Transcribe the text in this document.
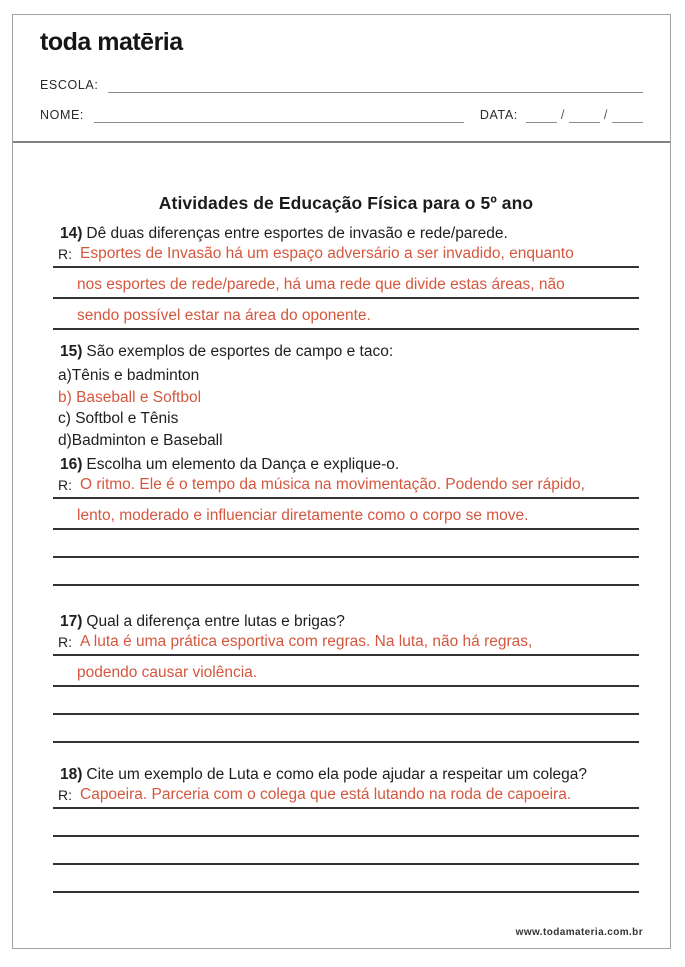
toda matēria
ESCOLA:
NOME:	DATA:	/	/
Atividades de Educação Física para o 5º ano
14) Dê duas diferenças entre esportes de invasão e rede/parede.
R: Esportes de Invasão há um espaço adversário a ser invadido, enquanto
nos esportes de rede/parede, há uma rede que divide estas áreas, não
sendo possível estar na área do oponente.
15) São exemplos de esportes de campo e taco:
a)Tênis e badminton
b) Baseball e Softbol
c) Softbol e Tênis
d)Badminton e Baseball
16) Escolha um elemento da Dança e explique-o.
R: O ritmo. Ele é o tempo da música na movimentação. Podendo ser rápido,
lento, moderado e influenciar diretamente como o corpo se move.
17) Qual a diferença entre lutas e brigas?
R: A luta é uma prática esportiva com regras. Na luta, não há regras,
podendo causar violência.
18) Cite um exemplo de Luta e como ela pode ajudar a respeitar um colega?
R: Capoeira. Parceria com o colega que está lutando na roda de capoeira.
www.todamateria.com.br
